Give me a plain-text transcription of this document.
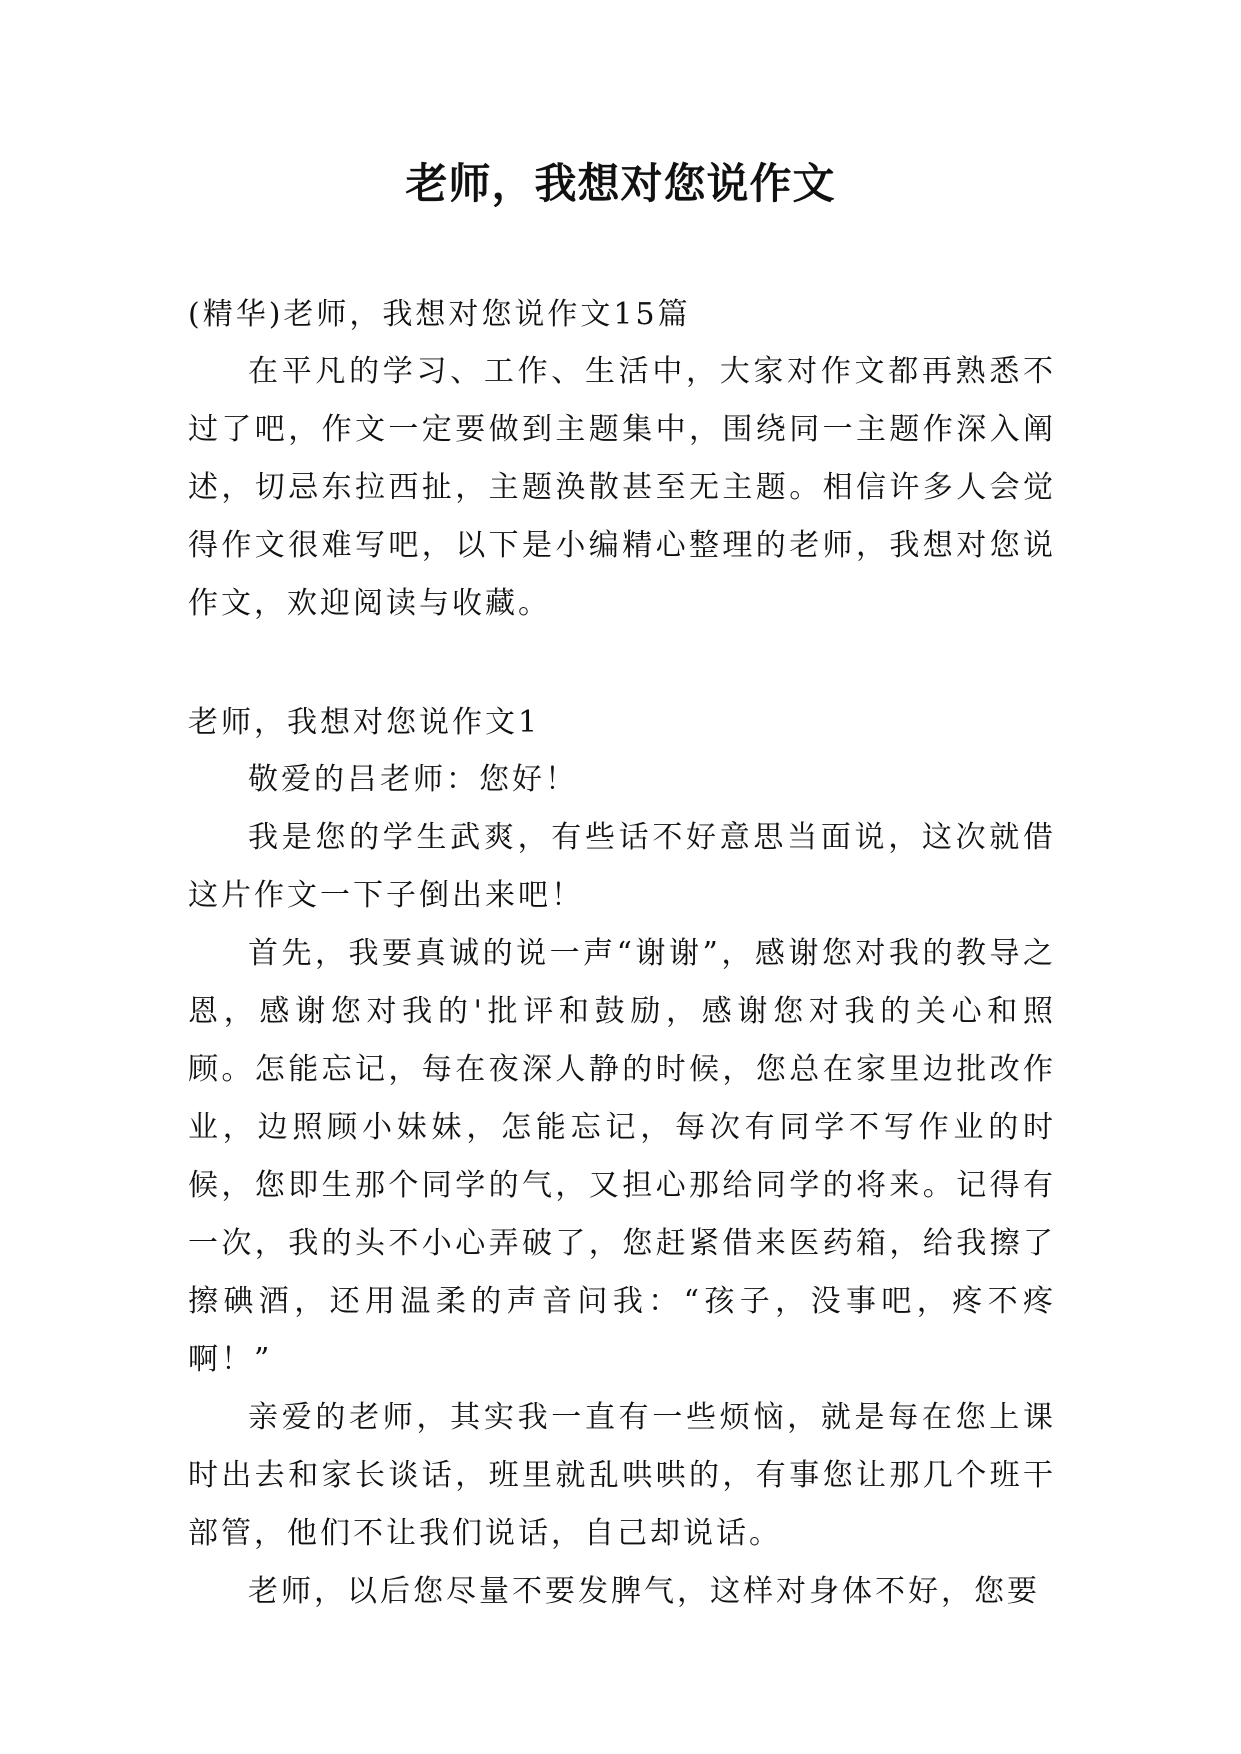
老师，我想对您说作文

(精华)老师，我想对您说作文15篇

在平凡的学习、工作、生活中，大家对作文都再熟悉不过了吧，作文一定要做到主题集中，围绕同一主题作深入阐述，切忌东拉西扯，主题涣散甚至无主题。相信许多人会觉得作文很难写吧，以下是小编精心整理的老师，我想对您说作文，欢迎阅读与收藏。

老师，我想对您说作文1

敬爱的吕老师：您好！

我是您的学生武爽，有些话不好意思当面说，这次就借这片作文一下子倒出来吧！

首先，我要真诚的说一声“谢谢”，感谢您对我的教导之恩，感谢您对我的'批评和鼓励，感谢您对我的关心和照顾。怎能忘记，每在夜深人静的时候，您总在家里边批改作业，边照顾小妹妹，怎能忘记，每次有同学不写作业的时候，您即生那个同学的气，又担心那给同学的将来。记得有一次，我的头不小心弄破了，您赶紧借来医药箱，给我擦了擦碘酒，还用温柔的声音问我：“孩子，没事吧，疼不疼啊！”

亲爱的老师，其实我一直有一些烦恼，就是每在您上课时出去和家长谈话，班里就乱哄哄的，有事您让那几个班干部管，他们不让我们说话，自己却说话。

老师，以后您尽量不要发脾气，这样对身体不好，您要
